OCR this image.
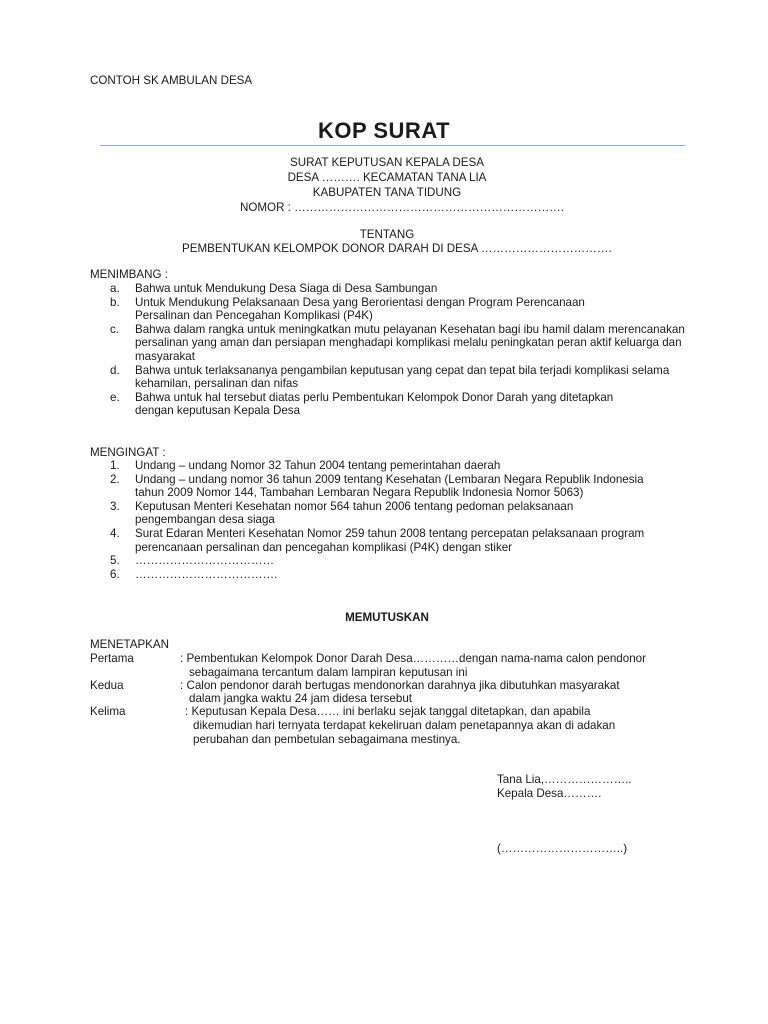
CONTOH SK AMBULAN DESA
KOP SURAT
SURAT KEPUTUSAN KEPALA DESA
DESA ………. KECAMATAN TANA LIA
KABUPATEN TANA TIDUNG
NOMOR : …………………………………………………………….
TENTANG
PEMBENTUKAN KELOMPOK DONOR DARAH DI DESA …………………………….
MENIMBANG :
a.	Bahwa untuk Mendukung Desa Siaga di Desa Sambungan
b.	Untuk Mendukung Pelaksanaan Desa yang Berorientasi dengan Program Perencanaan Persalinan dan Pencegahan Komplikasi (P4K)
c.	Bahwa dalam rangka untuk meningkatkan mutu pelayanan Kesehatan bagi ibu hamil dalam merencanakan persalinan yang aman dan persiapan menghadapi komplikasi melalu peningkatan peran aktif keluarga dan masyarakat
d.	Bahwa untuk terlaksananya pengambilan keputusan yang cepat dan tepat bila terjadi komplikasi selama kehamilan, persalinan dan nifas
e.	Bahwa untuk hal tersebut diatas perlu Pembentukan Kelompok Donor Darah yang ditetapkan dengan keputusan Kepala Desa
MENGINGAT :
1.	Undang – undang Nomor 32 Tahun 2004 tentang pemerintahan daerah
2.	Undang – undang nomor 36 tahun 2009 tentang Kesehatan (Lembaran Negara Republik Indonesia tahun 2009 Nomor 144, Tambahan Lembaran Negara Republik Indonesia Nomor 5063)
3.	Keputusan Menteri Kesehatan nomor 564 tahun 2006 tentang pedoman pelaksanaan pengembangan desa siaga
4.	Surat Edaran Menteri Kesehatan Nomor 259 tahun 2008 tentang percepatan pelaksanaan program perencanaan persalinan dan pencegahan komplikasi (P4K) dengan stiker
5.	………………………………
6.	……………………………….
MEMUTUSKAN
MENETAPKAN
Pertama	: Pembentukan Kelompok Donor Darah Desa…………dengan nama-nama calon pendonor
sebagaimana tercantum dalam lampiran keputusan ini
Kedua	: Calon pendonor darah bertugas mendonorkan darahnya jika dibutuhkan masyarakat
dalam jangka waktu 24 jam didesa tersebut
Kelima	: Keputusan Kepala Desa…… ini berlaku sejak tanggal ditetapkan, dan apabila
dikemudian hari ternyata terdapat kekeliruan dalam penetapannya akan di adakan
perubahan dan pembetulan sebagaimana mestinya.
Tana Lia,…………………..
Kepala Desa……….
(…………………………..)
